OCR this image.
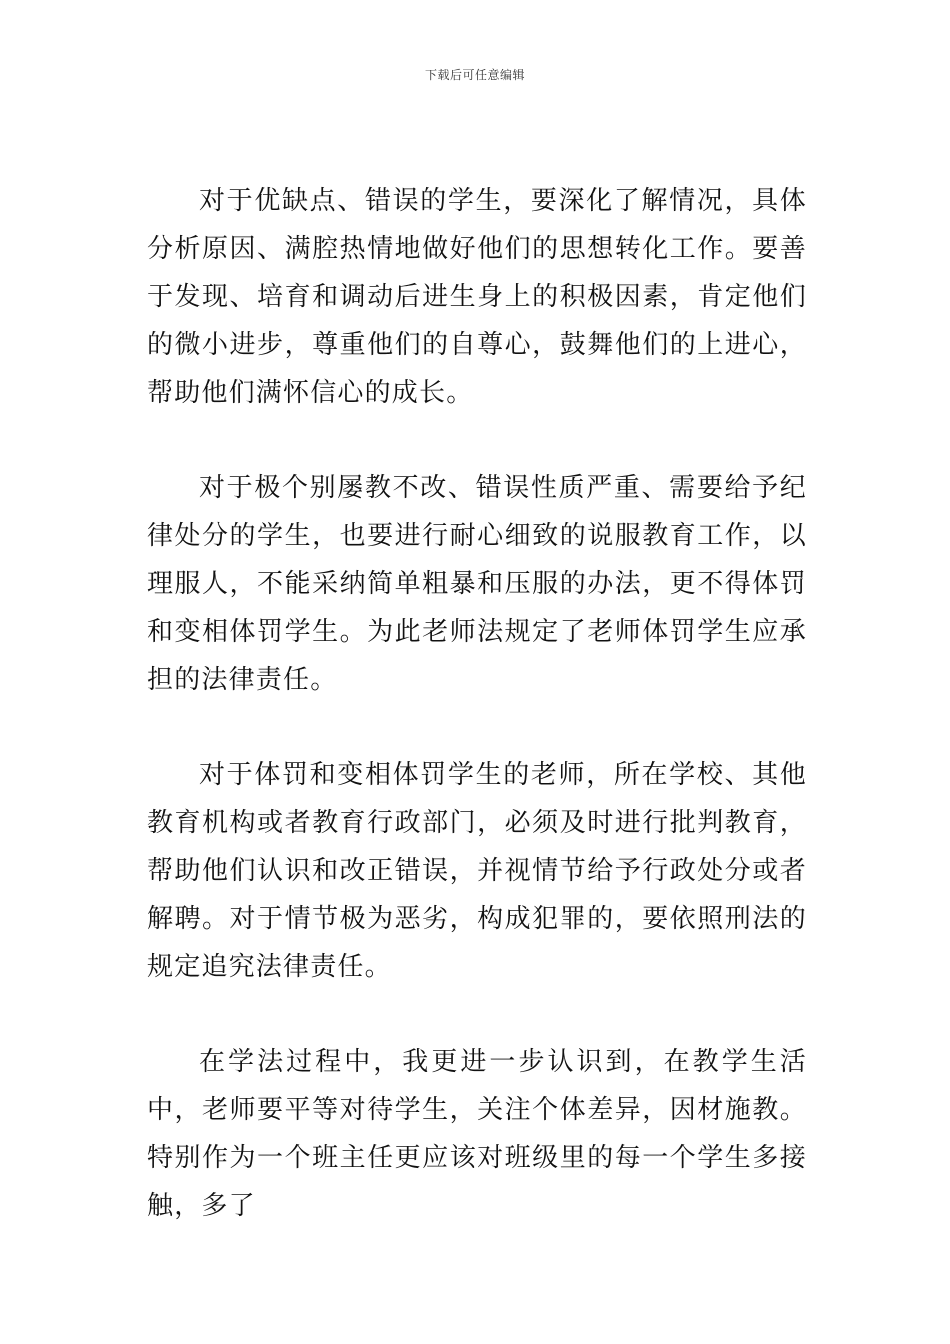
下载后可任意编辑

对于优缺点、错误的学生，要深化了解情况，具体分析原因、满腔热情地做好他们的思想转化工作。要善于发现、培育和调动后进生身上的积极因素，肯定他们的微小进步，尊重他们的自尊心，鼓舞他们的上进心，帮助他们满怀信心的成长。

对于极个别屡教不改、错误性质严重、需要给予纪律处分的学生，也要进行耐心细致的说服教育工作，以理服人，不能采纳简单粗暴和压服的办法，更不得体罚和变相体罚学生。为此老师法规定了老师体罚学生应承担的法律责任。

对于体罚和变相体罚学生的老师，所在学校、其他教育机构或者教育行政部门，必须及时进行批判教育，帮助他们认识和改正错误，并视情节给予行政处分或者解聘。对于情节极为恶劣，构成犯罪的，要依照刑法的规定追究法律责任。

在学法过程中，我更进一步认识到，在教学生活中，老师要平等对待学生，关注个体差异，因材施教。特别作为一个班主任更应该对班级里的每一个学生多接触，多了
